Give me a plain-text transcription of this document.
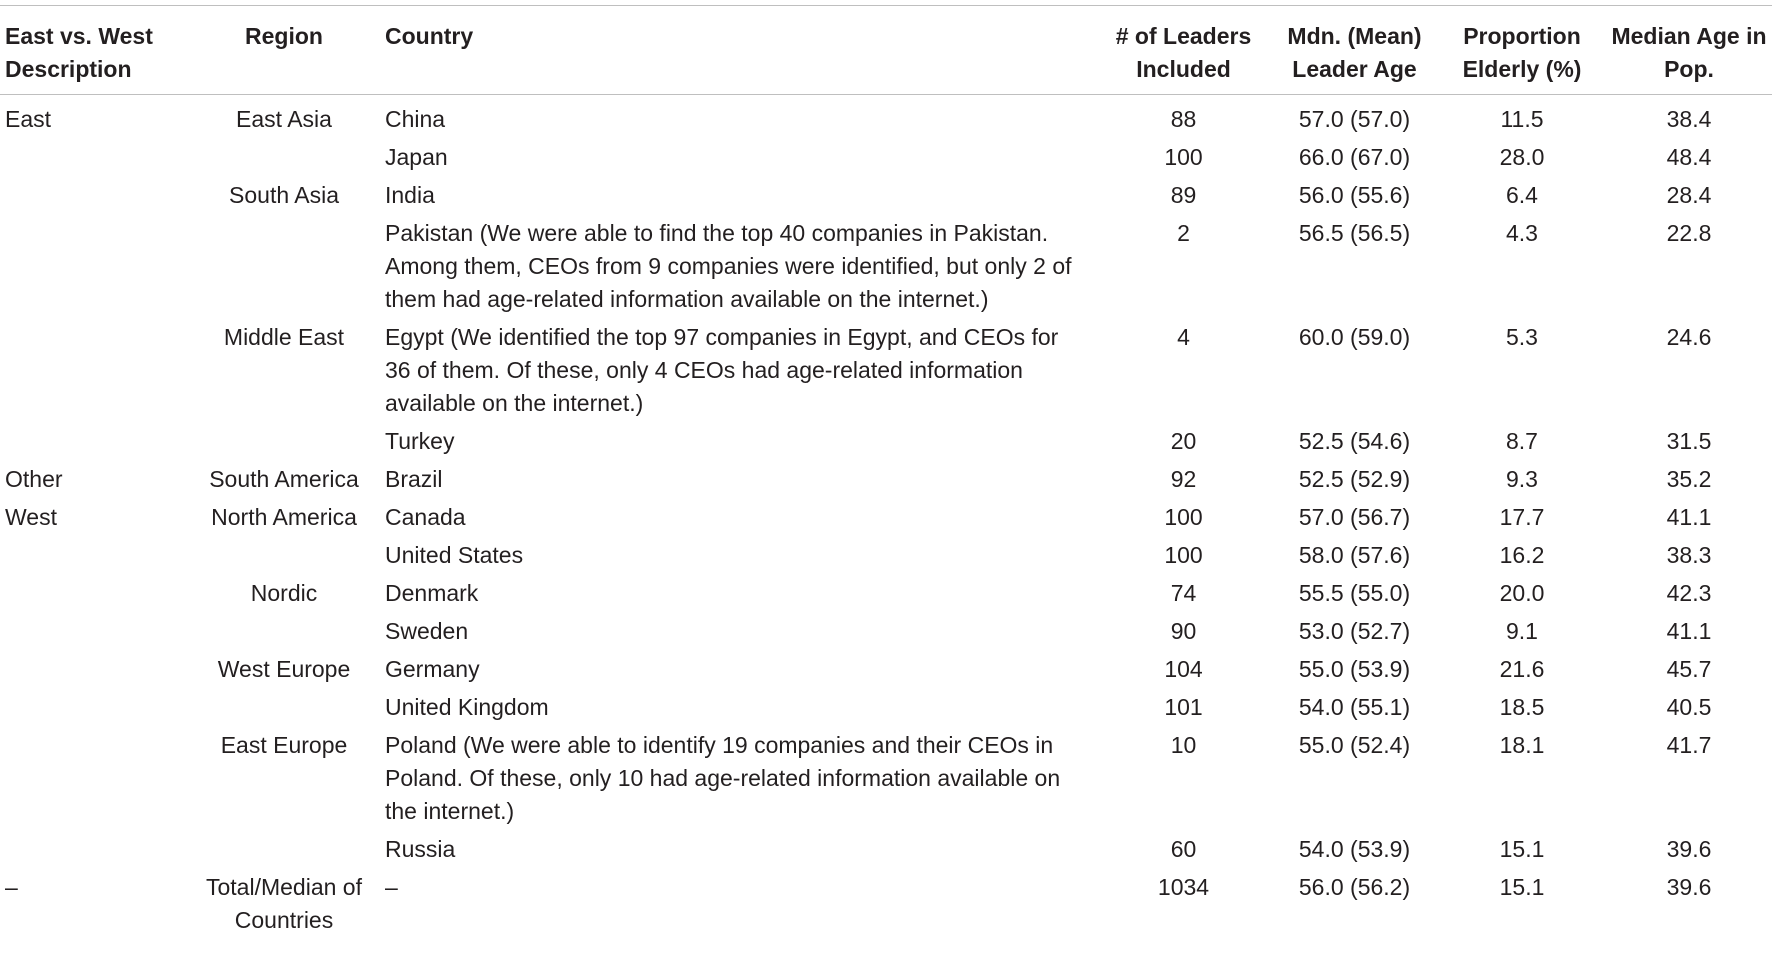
East vs. West Description	Region	Country	# of Leaders Included	Mdn. (Mean) Leader Age	Proportion Elderly (%)	Median Age in Pop.
East	East Asia	China	88	57.0 (57.0)	11.5	38.4
		Japan	100	66.0 (67.0)	28.0	48.4
	South Asia	India	89	56.0 (55.6)	6.4	28.4
		Pakistan (We were able to find the top 40 companies in Pakistan. Among them, CEOs from 9 companies were identified, but only 2 of them had age-related information available on the internet.)	2	56.5 (56.5)	4.3	22.8
	Middle East	Egypt (We identified the top 97 companies in Egypt, and CEOs for 36 of them. Of these, only 4 CEOs had age-related information available on the internet.)	4	60.0 (59.0)	5.3	24.6
		Turkey	20	52.5 (54.6)	8.7	31.5
Other	South America	Brazil	92	52.5 (52.9)	9.3	35.2
West	North America	Canada	100	57.0 (56.7)	17.7	41.1
		United States	100	58.0 (57.6)	16.2	38.3
	Nordic	Denmark	74	55.5 (55.0)	20.0	42.3
		Sweden	90	53.0 (52.7)	9.1	41.1
	West Europe	Germany	104	55.0 (53.9)	21.6	45.7
		United Kingdom	101	54.0 (55.1)	18.5	40.5
	East Europe	Poland (We were able to identify 19 companies and their CEOs in Poland. Of these, only 10 had age-related information available on the internet.)	10	55.0 (52.4)	18.1	41.7
		Russia	60	54.0 (53.9)	15.1	39.6
–	Total/Median of Countries	–	1034	56.0 (56.2)	15.1	39.6
